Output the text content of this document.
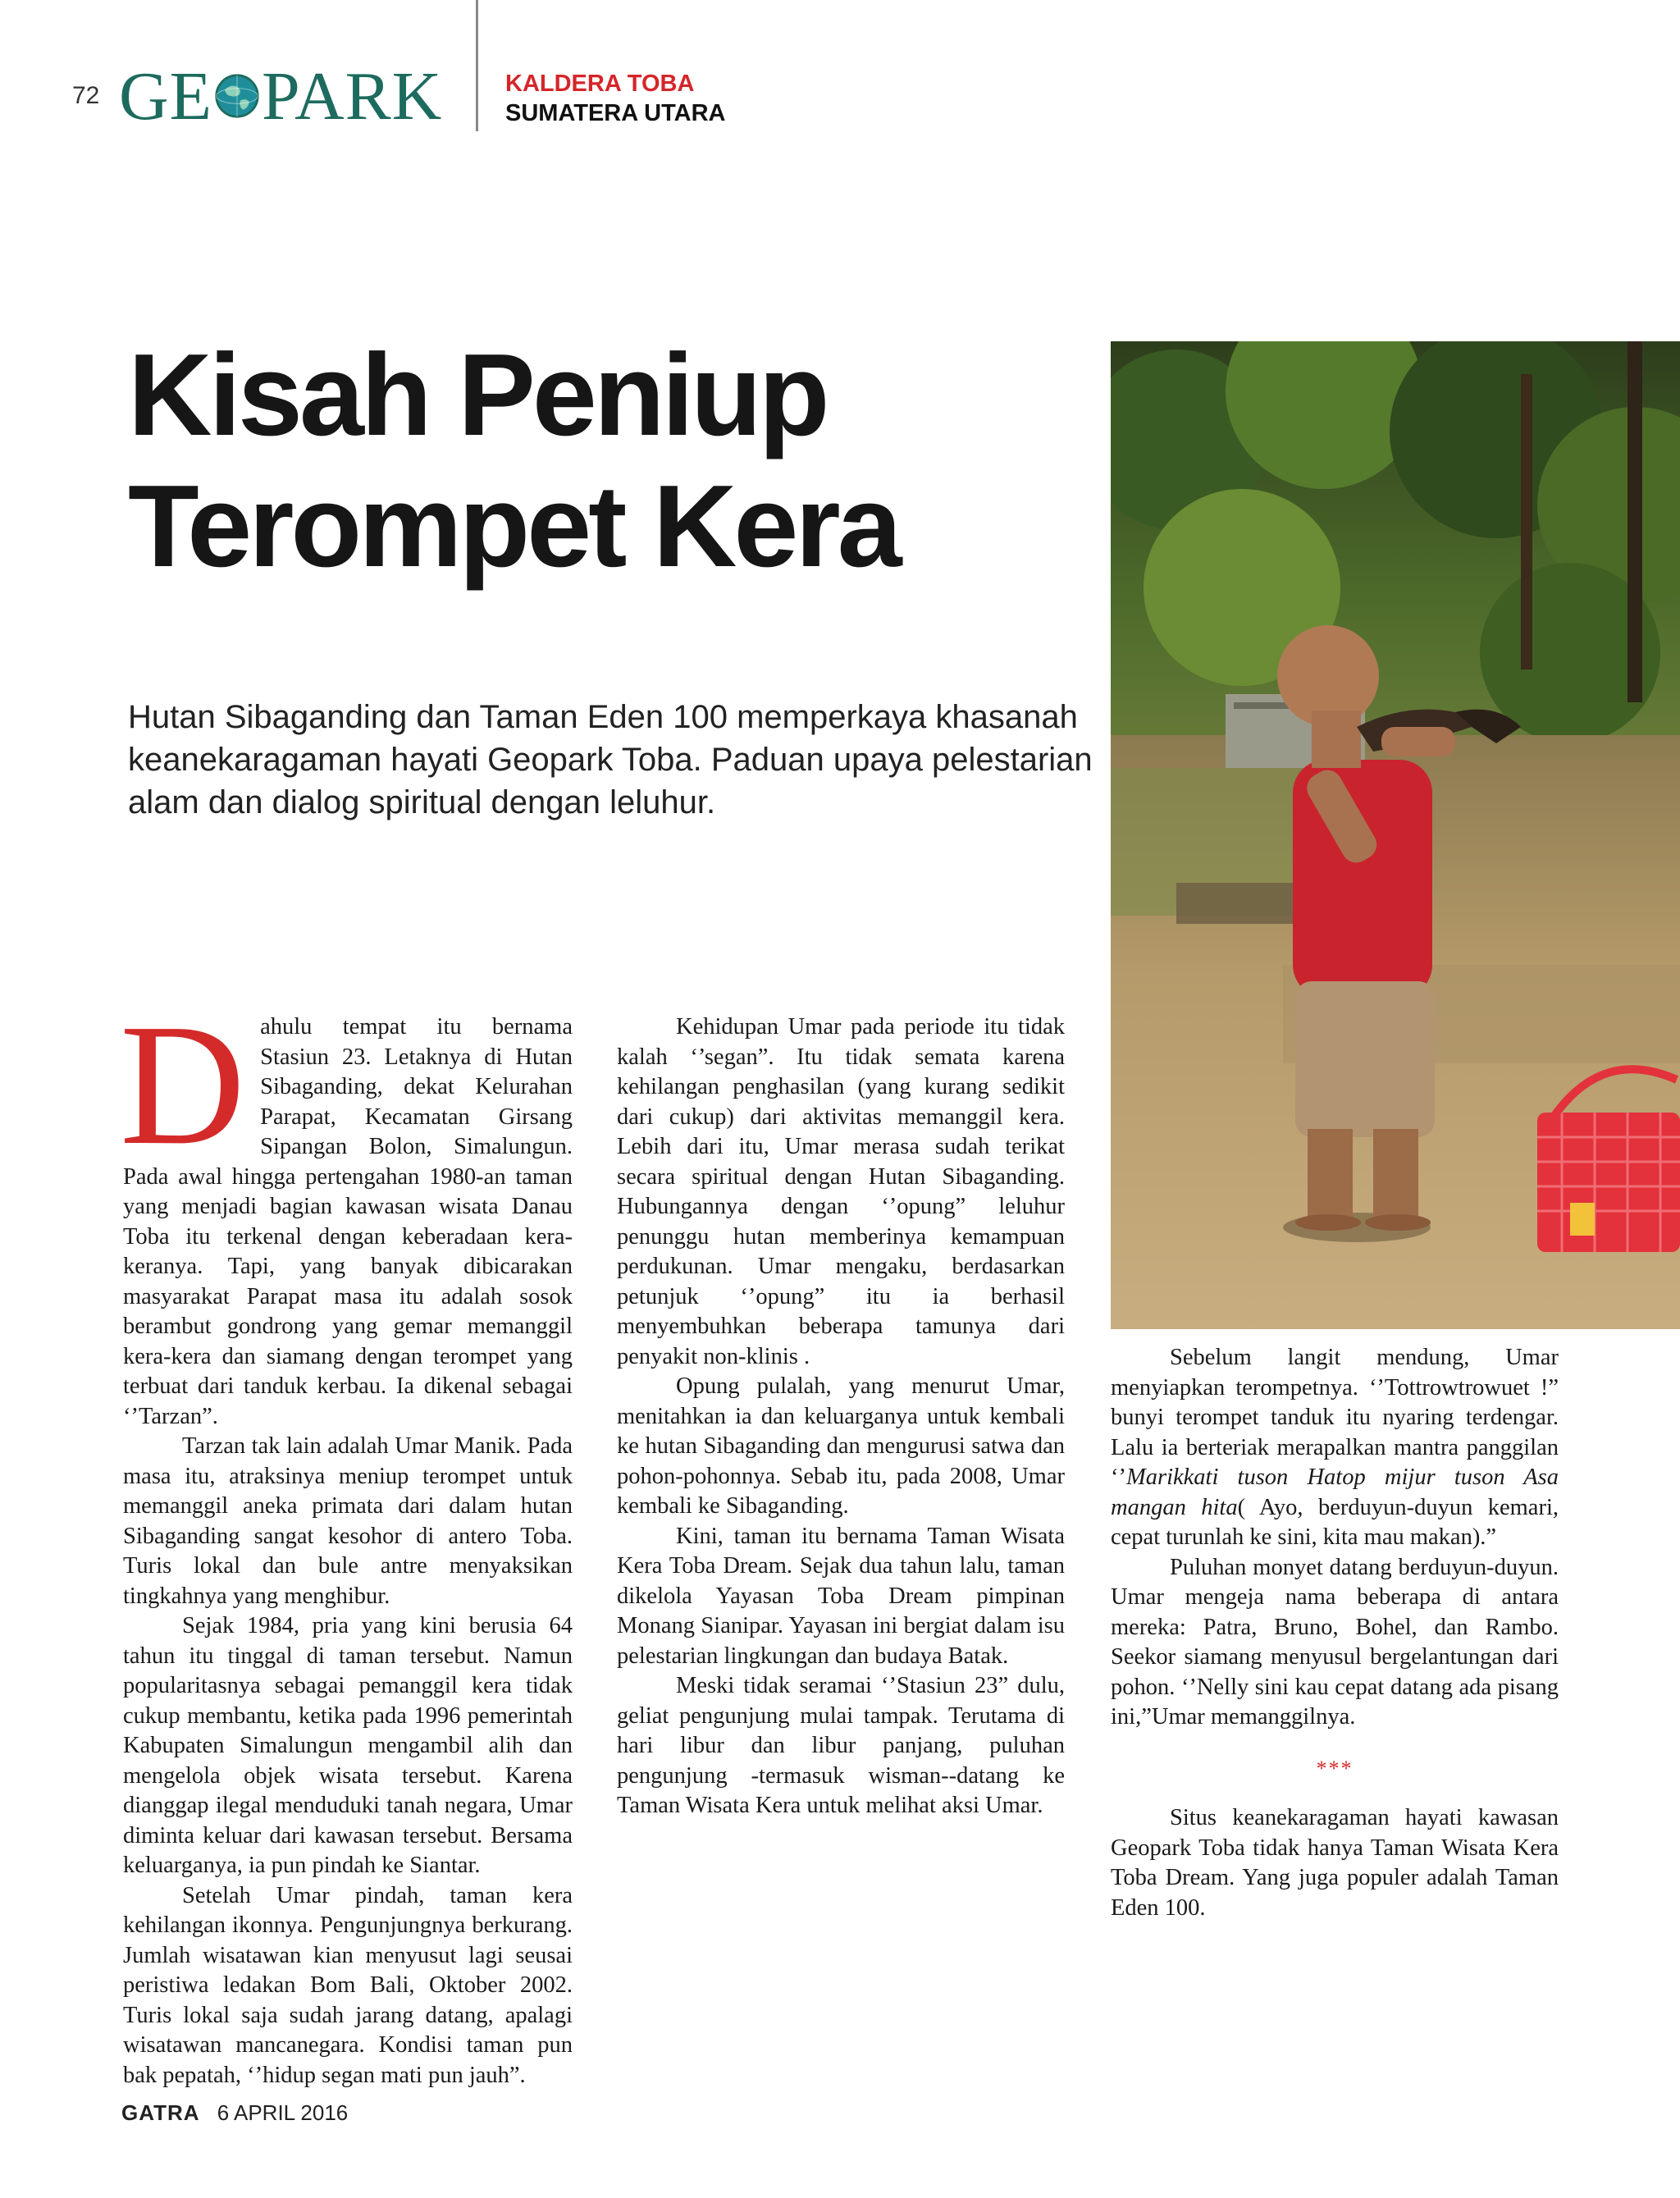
72 GE PARK	KALDERA TOBA
SUMATERA UTARA
Kisah Peniup
Terompet Kera
Hutan Sibaganding dan Taman Eden 100 memperkaya khasanah keanekaragaman hayati Geopark Toba. Paduan upaya pelestarian alam dan dialog spiritual dengan leluhur.

Dahulu tempat itu bernama Stasiun 23. Letaknya di Hutan Sibaganding, dekat Kelurahan Parapat, Kecamatan Girsang Sipangan Bolon, Simalungun. Pada awal hingga pertengahan 1980-an taman yang menjadi bagian kawasan wisata Danau Toba itu terkenal dengan keberadaan kera-keranya. Tapi, yang banyak dibicarakan masyarakat Parapat masa itu adalah sosok berambut gondrong yang gemar memanggil kera-kera dan siamang dengan terompet yang terbuat dari tanduk kerbau. Ia dikenal sebagai ‘’Tarzan”.

Tarzan tak lain adalah Umar Manik. Pada masa itu, atraksinya meniup terompet untuk memanggil aneka primata dari dalam hutan Sibaganding sangat kesohor di antero Toba. Turis lokal dan bule antre menyaksikan tingkahnya yang menghibur.

Sejak 1984, pria yang kini berusia 64 tahun itu tinggal di taman tersebut. Namun popularitasnya sebagai pemanggil kera tidak cukup membantu, ketika pada 1996 pemerintah Kabupaten Simalungun mengambil alih dan mengelola objek wisata tersebut. Karena dianggap ilegal menduduki tanah negara, Umar diminta keluar dari kawasan tersebut. Bersama keluarganya, ia pun pindah ke Siantar.

Setelah Umar pindah, taman kera kehilangan ikonnya. Pengunjungnya berkurang. Jumlah wisatawan kian menyusut lagi seusai peristiwa ledakan Bom Bali, Oktober 2002. Turis lokal saja sudah jarang datang, apalagi wisatawan mancanegara. Kondisi taman pun bak pepatah, ‘’hidup segan mati pun jauh”.

Kehidupan Umar pada periode itu tidak kalah ‘’segan”. Itu tidak semata karena kehilangan penghasilan (yang kurang sedikit dari cukup) dari aktivitas memanggil kera. Lebih dari itu, Umar merasa sudah terikat secara spiritual dengan Hutan Sibaganding. Hubungannya dengan ‘’opung” leluhur penunggu hutan memberinya kemampuan perdukunan. Umar mengaku, berdasarkan petunjuk ‘’opung” itu ia berhasil menyembuhkan beberapa tamunya dari penyakit non-klinis .

Opung pulalah, yang menurut Umar, menitahkan ia dan keluarganya untuk kembali ke hutan Sibaganding dan mengurusi satwa dan pohon-pohonnya. Sebab itu, pada 2008, Umar kembali ke Sibaganding.

Kini, taman itu bernama Taman Wisata Kera Toba Dream. Sejak dua tahun lalu, taman dikelola Yayasan Toba Dream pimpinan Monang Sianipar. Yayasan ini bergiat dalam isu pelestarian lingkungan dan budaya Batak.

Meski tidak seramai ‘’Stasiun 23” dulu, geliat pengunjung mulai tampak. Terutama di hari libur dan libur panjang, puluhan pengunjung -termasuk wisman--datang ke Taman Wisata Kera untuk melihat aksi Umar.

Sebelum langit mendung, Umar menyiapkan terompetnya. ‘’Tottrowtrowuet !” bunyi terompet tanduk itu nyaring terdengar. Lalu ia berteriak merapalkan mantra panggilan ‘’Marikkati tuson Hatop mijur tuson Asa mangan hita( Ayo, berduyun-duyun kemari, cepat turunlah ke sini, kita mau makan).”

Puluhan monyet datang berduyun-duyun. Umar mengeja nama beberapa di antara mereka: Patra, Bruno, Bohel, dan Rambo. Seekor siamang menyusul bergelantungan dari pohon. ‘’Nelly sini kau cepat datang ada pisang ini,”Umar memanggilnya.

***

Situs keanekaragaman hayati kawasan Geopark Toba tidak hanya Taman Wisata Kera Toba Dream. Yang juga populer adalah Taman Eden 100.

GATRA 6 APRIL 2016
